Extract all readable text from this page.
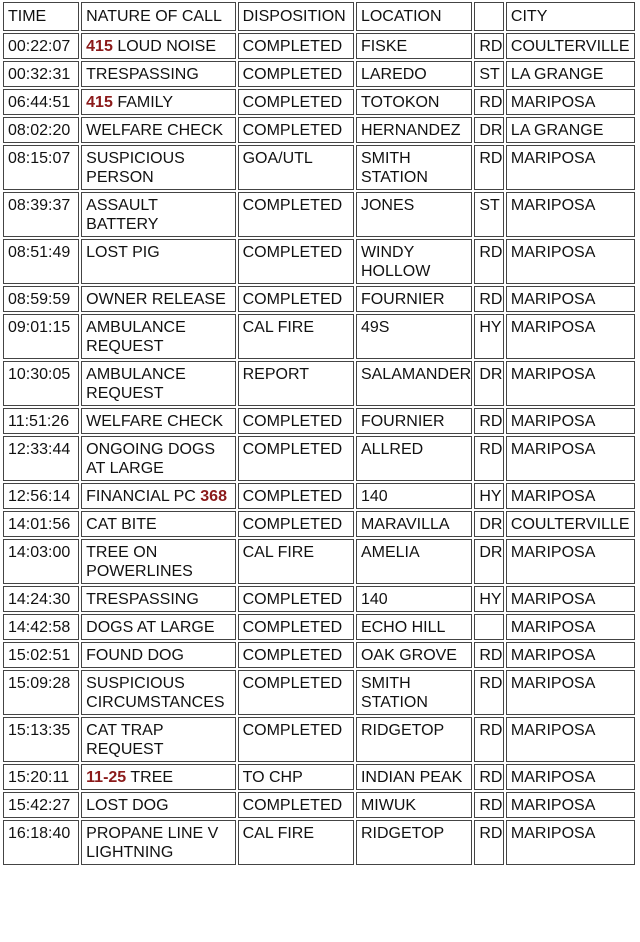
TIME	NATURE OF CALL	DISPOSITION	LOCATION		CITY
00:22:07	415 LOUD NOISE	COMPLETED	FISKE	RD	COULTERVILLE
00:32:31	TRESPASSING	COMPLETED	LAREDO	ST	LA GRANGE
06:44:51	415 FAMILY	COMPLETED	TOTOKON	RD	MARIPOSA
08:02:20	WELFARE CHECK	COMPLETED	HERNANDEZ	DR	LA GRANGE
08:15:07	SUSPICIOUS PERSON	GOA/UTL	SMITH STATION	RD	MARIPOSA
08:39:37	ASSAULT BATTERY	COMPLETED	JONES	ST	MARIPOSA
08:51:49	LOST PIG	COMPLETED	WINDY HOLLOW	RD	MARIPOSA
08:59:59	OWNER RELEASE	COMPLETED	FOURNIER	RD	MARIPOSA
09:01:15	AMBULANCE REQUEST	CAL FIRE	49S	HY	MARIPOSA
10:30:05	AMBULANCE REQUEST	REPORT	SALAMANDER	DR	MARIPOSA
11:51:26	WELFARE CHECK	COMPLETED	FOURNIER	RD	MARIPOSA
12:33:44	ONGOING DOGS AT LARGE	COMPLETED	ALLRED	RD	MARIPOSA
12:56:14	FINANCIAL PC 368	COMPLETED	140	HY	MARIPOSA
14:01:56	CAT BITE	COMPLETED	MARAVILLA	DR	COULTERVILLE
14:03:00	TREE ON POWERLINES	CAL FIRE	AMELIA	DR	MARIPOSA
14:24:30	TRESPASSING	COMPLETED	140	HY	MARIPOSA
14:42:58	DOGS AT LARGE	COMPLETED	ECHO HILL		MARIPOSA
15:02:51	FOUND DOG	COMPLETED	OAK GROVE	RD	MARIPOSA
15:09:28	SUSPICIOUS CIRCUMSTANCES	COMPLETED	SMITH STATION	RD	MARIPOSA
15:13:35	CAT TRAP REQUEST	COMPLETED	RIDGETOP	RD	MARIPOSA
15:20:11	11-25 TREE	TO CHP	INDIAN PEAK	RD	MARIPOSA
15:42:27	LOST DOG	COMPLETED	MIWUK	RD	MARIPOSA
16:18:40	PROPANE LINE V LIGHTNING	CAL FIRE	RIDGETOP	RD	MARIPOSA
